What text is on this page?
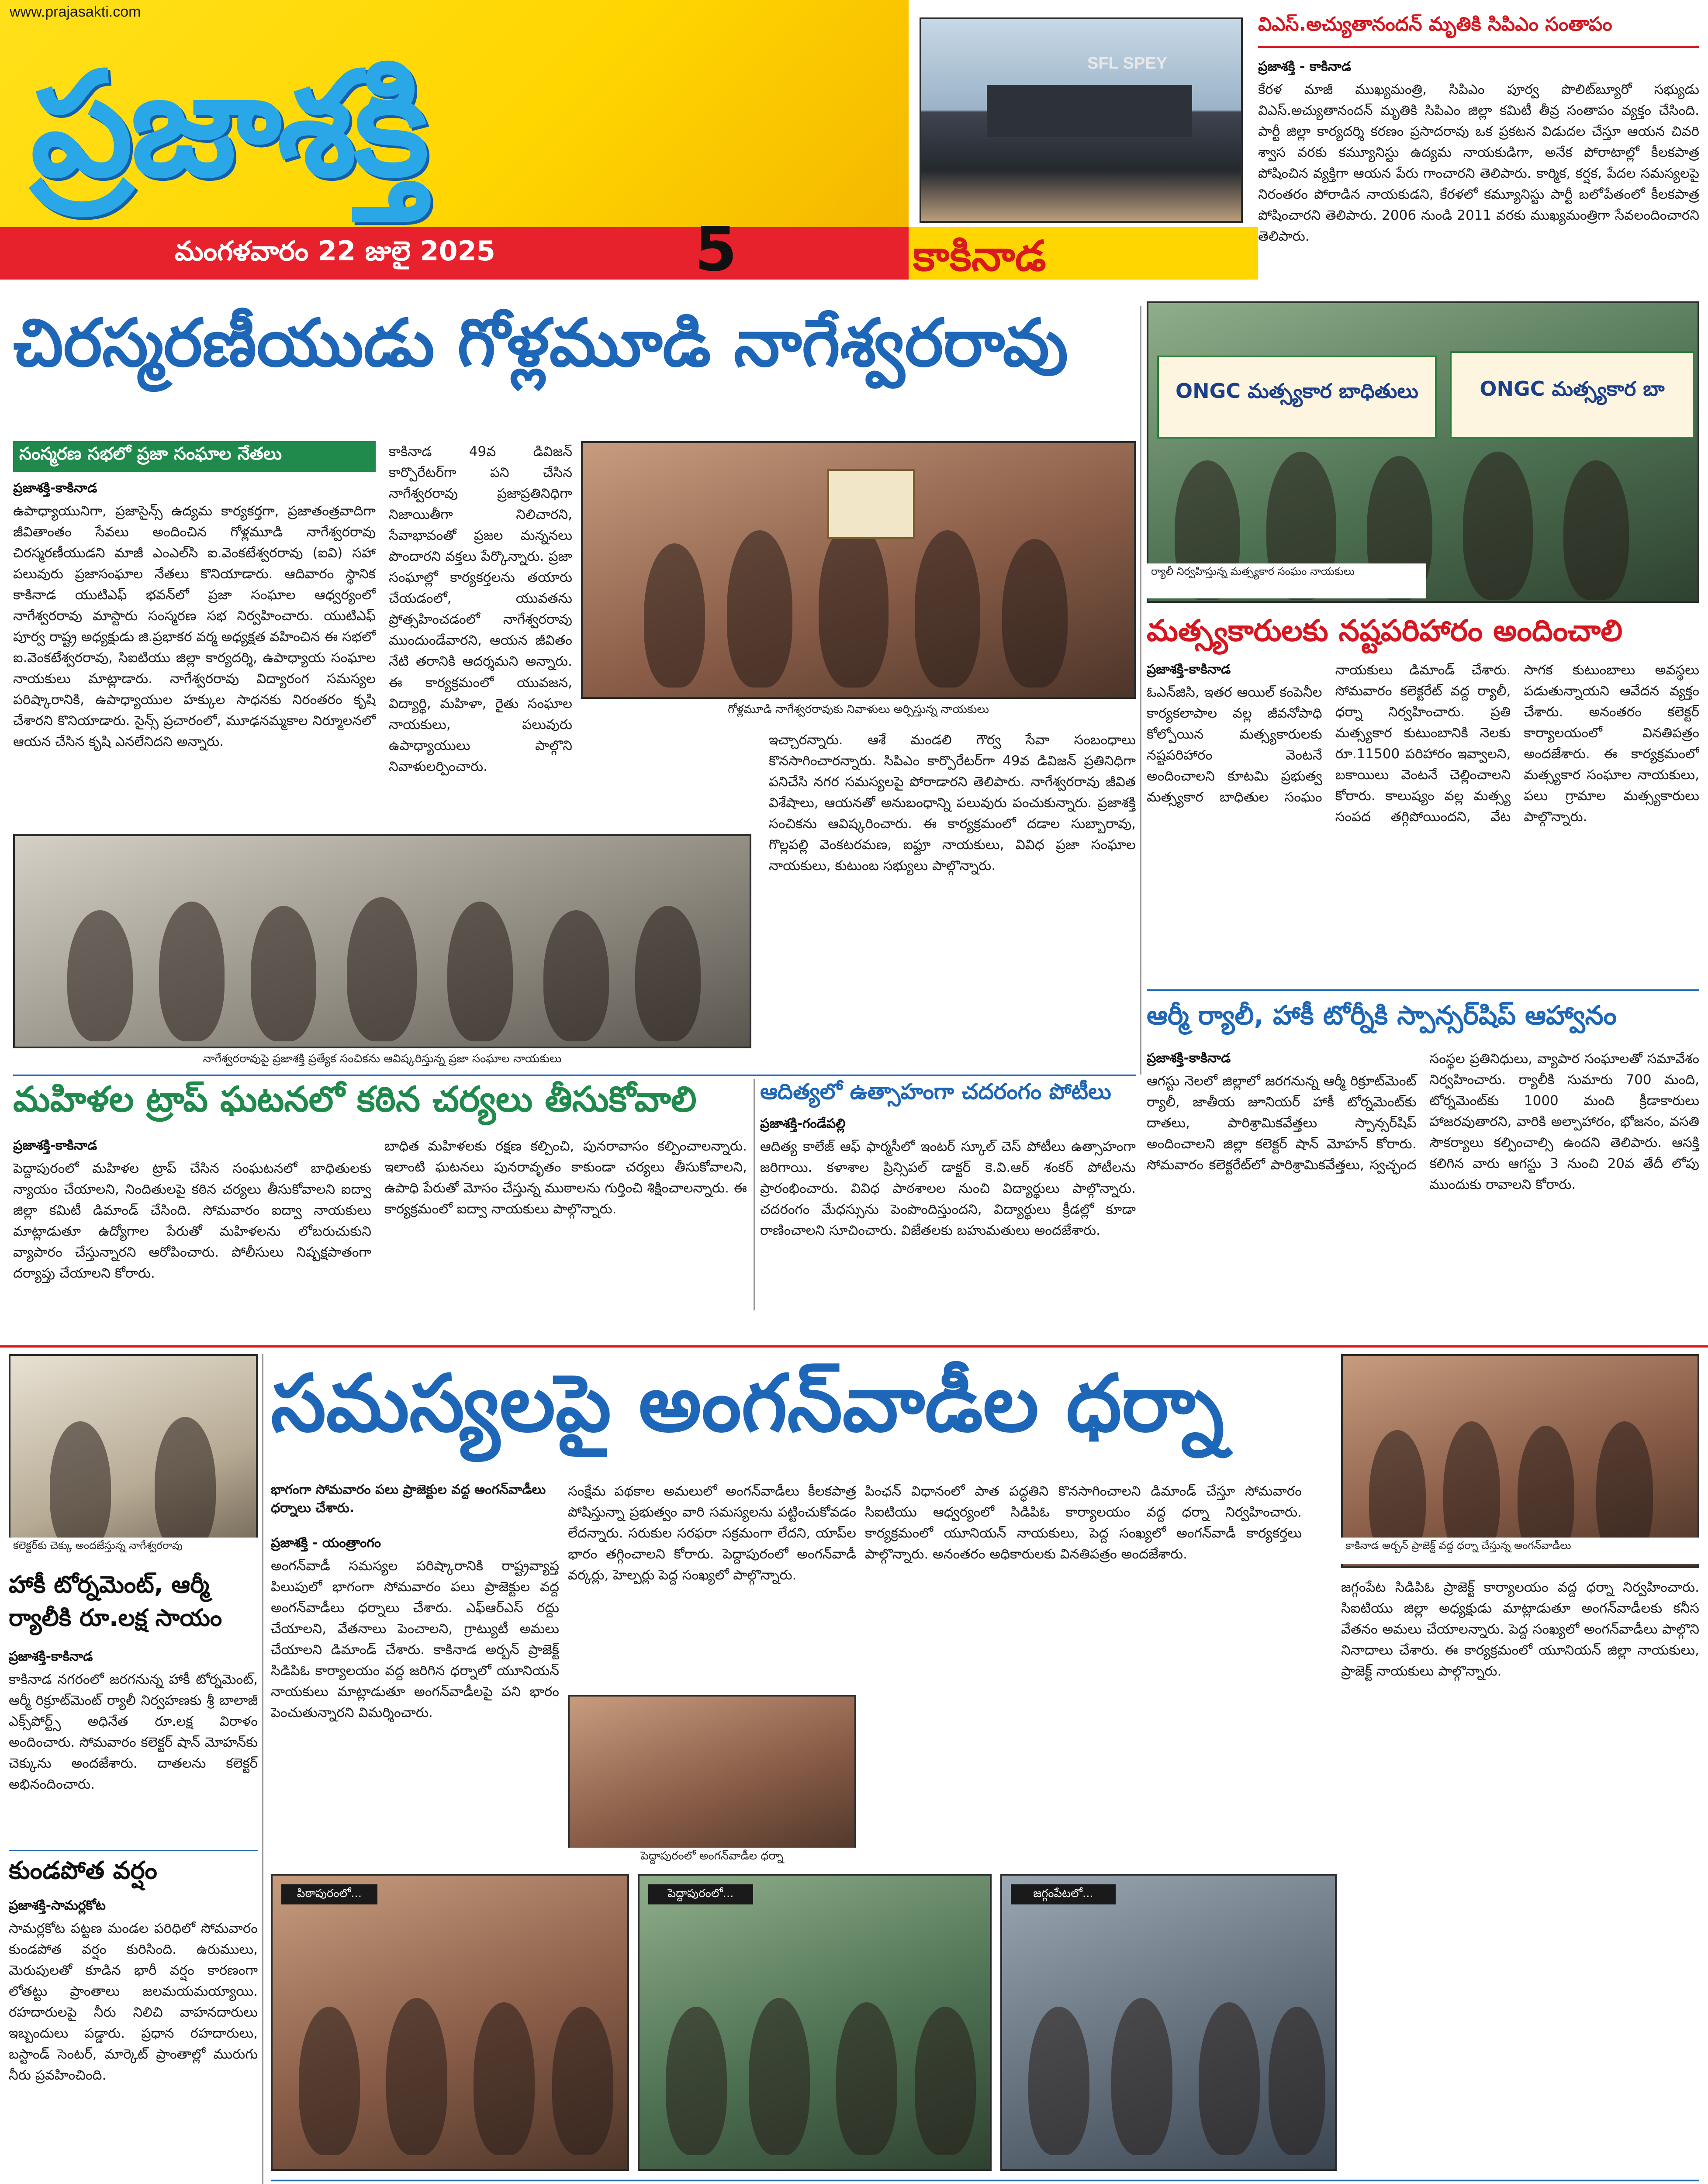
www.prajasakti.com
ప్రజాశక్తి
మంగళవారం 22 జులై 2025	5
SFL SPEY
కాకినాడ
విఎస్.అచ్యుతానందన్ మృతికి సిపిఎం సంతాపం
ప్రజాశక్తి - కాకినాడ
కేరళ మాజీ ముఖ్యమంత్రి, సిపిఎం పూర్వ పొలిట్‌బ్యూరో సభ్యుడు విఎస్.అచ్యుతానందన్ మృతికి సిపిఎం జిల్లా కమిటీ తీవ్ర సంతాపం వ్యక్తం చేసింది. పార్టీ జిల్లా కార్యదర్శి కరణం ప్రసాదరావు ఒక ప్రకటన విడుదల చేస్తూ ఆయన చివరి శ్వాస వరకు కమ్యూనిస్టు ఉద్యమ నాయకుడిగా, అనేక పోరాటాల్లో కీలకపాత్ర పోషించిన వ్యక్తిగా ఆయన పేరు గాంచారని తెలిపారు. కార్మిక, కర్షక, పేదల సమస్యలపై నిరంతరం పోరాడిన నాయకుడని, కేరళలో కమ్యూనిస్టు పార్టీ బలోపేతంలో కీలకపాత్ర పోషించారని తెలిపారు. 2006 నుండి 2011 వరకు ముఖ్యమంత్రిగా సేవలందించారని తెలిపారు.
చిరస్మరణీయుడు గోళ్లమూడి నాగేశ్వరరావు
సంస్మరణ సభలో ప్రజా సంఘాల నేతలు
ప్రజాశక్తి-కాకినాడ
ఉపాధ్యాయునిగా, ప్రజాసైన్స్ ఉద్యమ కార్యకర్తగా, ప్రజాతంత్రవాదిగా జీవితాంతం సేవలు అందించిన గోళ్లమూడి నాగేశ్వరరావు చిరస్మరణీయుడని మాజీ ఎంఎల్‌సి ఐ.వెంకటేశ్వరరావు (ఐవి) సహా పలువురు ప్రజాసంఘాల నేతలు కొనియాడారు. ఆదివారం స్థానిక కాకినాడ యుటిఎఫ్ భవన్‌లో ప్రజా సంఘాల ఆధ్వర్యంలో నాగేశ్వరరావు మాస్టారు సంస్మరణ సభ నిర్వహించారు. యుటిఎఫ్ పూర్వ రాష్ట్ర అధ్యక్షుడు జి.ప్రభాకర వర్మ అధ్యక్షత వహించిన ఈ సభలో ఐ.వెంకటేశ్వరరావు, సిఐటియు జిల్లా కార్యదర్శి, ఉపాధ్యాయ సంఘాల నాయకులు మాట్లాడారు. నాగేశ్వరరావు విద్యారంగ సమస్యల పరిష్కారానికి, ఉపాధ్యాయుల హక్కుల సాధనకు నిరంతరం కృషి చేశారని కొనియాడారు. సైన్స్ ప్రచారంలో, మూఢనమ్మకాల నిర్మూలనలో ఆయన చేసిన కృషి ఎనలేనిదని అన్నారు.
కాకినాడ 49వ డివిజన్ కార్పొరేటర్‌గా పని చేసిన నాగేశ్వరరావు ప్రజాప్రతినిధిగా నిజాయితీగా నిలిచారని, సేవాభావంతో ప్రజల మన్ననలు పొందారని వక్తలు పేర్కొన్నారు. ప్రజా సంఘాల్లో కార్యకర్తలను తయారు చేయడంలో, యువతను ప్రోత్సహించడంలో నాగేశ్వరరావు ముందుండేవారని, ఆయన జీవితం నేటి తరానికి ఆదర్శమని అన్నారు. ఈ కార్యక్రమంలో యువజన, విద్యార్థి, మహిళా, రైతు సంఘాల నాయకులు, పలువురు ఉపాధ్యాయులు పాల్గొని నివాళులర్పించారు.
గోళ్లమూడి నాగేశ్వరరావుకు నివాళులు అర్పిస్తున్న నాయకులు
ఇచ్చారన్నారు. ఆశే మండలి గౌర్వ సేవా సంబంధాలు కొనసాగించారన్నారు. సిపిఎం కార్పొరేటర్‌గా 49వ డివిజన్ ప్రతినిధిగా పనిచేసి నగర సమస్యలపై పోరాడారని తెలిపారు. నాగేశ్వరరావు జీవిత విశేషాలు, ఆయనతో అనుబంధాన్ని పలువురు పంచుకున్నారు. ప్రజాశక్తి సంచికను ఆవిష్కరించారు. ఈ కార్యక్రమంలో దడాల సుబ్బారావు, గొల్లపల్లి వెంకటరమణ, ఐఫ్టూ నాయకులు, వివిధ ప్రజా సంఘాల నాయకులు, కుటుంబ సభ్యులు పాల్గొన్నారు.
నాగేశ్వరరావుపై ప్రజాశక్తి ప్రత్యేక సంచికను ఆవిష్కరిస్తున్న ప్రజా సంఘాల నాయకులు
ONGC మత్స్యకార బాధితులు	ONGC మత్స్యకార బా
ర్యాలీ నిర్వహిస్తున్న మత్స్యకార సంఘం నాయకులు
మత్స్యకారులకు నష్టపరిహారం అందించాలి
ప్రజాశక్తి-కాకినాడ
ఓఎన్‌జిసి, ఇతర ఆయిల్ కంపెనీల కార్యకలాపాల వల్ల జీవనోపాధి కోల్పోయిన మత్స్యకారులకు నష్టపరిహారం వెంటనే అందించాలని కూటమి ప్రభుత్వ మత్స్యకార బాధితుల సంఘం నాయకులు డిమాండ్ చేశారు. సోమవారం కలెక్టరేట్ వద్ద ర్యాలీ, ధర్నా నిర్వహించారు. ప్రతి మత్స్యకార కుటుంబానికి నెలకు రూ.11500 పరిహారం ఇవ్వాలని, బకాయిలు వెంటనే చెల్లించాలని కోరారు. కాలుష్యం వల్ల మత్స్య సంపద తగ్గిపోయిందని, వేట సాగక కుటుంబాలు అవస్థలు పడుతున్నాయని ఆవేదన వ్యక్తం చేశారు. అనంతరం కలెక్టర్ కార్యాలయంలో వినతిపత్రం అందజేశారు. ఈ కార్యక్రమంలో మత్స్యకార సంఘాల నాయకులు, పలు గ్రామాల మత్స్యకారులు పాల్గొన్నారు.
ఆర్మీ ర్యాలీ, హాకీ టోర్నీకి స్పాన్సర్‌షిప్ ఆహ్వానం
ప్రజాశక్తి-కాకినాడ
ఆగస్టు నెలలో జిల్లాలో జరగనున్న ఆర్మీ రిక్రూట్‌మెంట్ ర్యాలీ, జాతీయ జూనియర్ హాకీ టోర్నమెంట్‌కు దాతలు, పారిశ్రామికవేత్తలు స్పాన్సర్‌షిప్ అందించాలని జిల్లా కలెక్టర్ షాన్ మోహన్ కోరారు. సోమవారం కలెక్టరేట్‌లో పారిశ్రామికవేత్తలు, స్వచ్ఛంద సంస్థల ప్రతినిధులు, వ్యాపార సంఘాలతో సమావేశం నిర్వహించారు. ర్యాలీకి సుమారు 700 మంది, టోర్నమెంట్‌కు 1000 మంది క్రీడాకారులు హాజరవుతారని, వారికి అల్పాహారం, భోజనం, వసతి సౌకర్యాలు కల్పించాల్సి ఉందని తెలిపారు. ఆసక్తి కలిగిన వారు ఆగస్టు 3 నుంచి 20వ తేదీ లోపు ముందుకు రావాలని కోరారు.
మహిళల ట్రాప్ ఘటనలో కఠిన చర్యలు తీసుకోవాలి
ప్రజాశక్తి-కాకినాడ
పెద్దాపురంలో మహిళల ట్రాప్ చేసిన సంఘటనలో బాధితులకు న్యాయం చేయాలని, నిందితులపై కఠిన చర్యలు తీసుకోవాలని ఐద్వా జిల్లా కమిటీ డిమాండ్ చేసింది. సోమవారం ఐద్వా నాయకులు మాట్లాడుతూ ఉద్యోగాల పేరుతో మహిళలను లోబరుచుకుని వ్యాపారం చేస్తున్నారని ఆరోపించారు. పోలీసులు నిష్పక్షపాతంగా దర్యాప్తు చేయాలని కోరారు.
బాధిత మహిళలకు రక్షణ కల్పించి, పునరావాసం కల్పించాలన్నారు. ఇలాంటి ఘటనలు పునరావృతం కాకుండా చర్యలు తీసుకోవాలని, ఉపాధి పేరుతో మోసం చేస్తున్న ముఠాలను గుర్తించి శిక్షించాలన్నారు. ఈ కార్యక్రమంలో ఐద్వా నాయకులు పాల్గొన్నారు.
ఆదిత్యలో ఉత్సాహంగా చదరంగం పోటీలు
ప్రజాశక్తి-గండేపల్లి
ఆదిత్య కాలేజ్ ఆఫ్ ఫార్మసీలో ఇంటర్ స్కూల్ చెస్ పోటీలు ఉత్సాహంగా జరిగాయి. కళాశాల ప్రిన్సిపల్ డాక్టర్ కె.వి.ఆర్ శంకర్ పోటీలను ప్రారంభించారు. వివిధ పాఠశాలల నుంచి విద్యార్థులు పాల్గొన్నారు. చదరంగం మేధస్సును పెంపొందిస్తుందని, విద్యార్థులు క్రీడల్లో కూడా రాణించాలని సూచించారు. విజేతలకు బహుమతులు అందజేశారు.
కలెక్టర్‌కు చెక్కు అందజేస్తున్న నాగేశ్వరరావు
హాకీ టోర్నమెంట్, ఆర్మీ ర్యాలీకి రూ.లక్ష సాయం
ప్రజాశక్తి-కాకినాడ
కాకినాడ నగరంలో జరగనున్న హాకీ టోర్నమెంట్, ఆర్మీ రిక్రూట్‌మెంట్ ర్యాలీ నిర్వహణకు శ్రీ బాలాజీ ఎక్స్‌పోర్ట్స్ అధినేత రూ.లక్ష విరాళం అందించారు. సోమవారం కలెక్టర్ షాన్ మోహన్‌కు చెక్కును అందజేశారు. దాతలను కలెక్టర్ అభినందించారు.
కుండపోత వర్షం
ప్రజాశక్తి-సామర్లకోట
సామర్లకోట పట్టణ మండల పరిధిలో సోమవారం కుండపోత వర్షం కురిసింది. ఉరుములు, మెరుపులతో కూడిన భారీ వర్షం కారణంగా లోతట్టు ప్రాంతాలు జలమయమయ్యాయి. రహదారులపై నీరు నిలిచి వాహనదారులు ఇబ్బందులు పడ్డారు. ప్రధాన రహదారులు, బస్టాండ్ సెంటర్, మార్కెట్ ప్రాంతాల్లో మురుగు నీరు ప్రవహించింది.
సమస్యలపై అంగన్‌వాడీల ధర్నా
భాగంగా సోమవారం పలు ప్రాజెక్టుల వద్ద అంగన్‌వాడీలు ధర్నాలు చేశారు.
ప్రజాశక్తి - యంత్రాంగం
అంగన్‌వాడీ సమస్యల పరిష్కారానికి రాష్ట్రవ్యాప్త పిలుపులో భాగంగా సోమవారం పలు ప్రాజెక్టుల వద్ద అంగన్‌వాడీలు ధర్నాలు చేశారు. ఎఫ్ఆర్ఎస్ రద్దు చేయాలని, వేతనాలు పెంచాలని, గ్రాట్యుటీ అమలు చేయాలని డిమాండ్ చేశారు. కాకినాడ అర్బన్ ప్రాజెక్ట్ సిడిపిఓ కార్యాలయం వద్ద జరిగిన ధర్నాలో యూనియన్ నాయకులు మాట్లాడుతూ అంగన్‌వాడీలపై పని భారం పెంచుతున్నారని విమర్శించారు.
సంక్షేమ పథకాల అమలులో అంగన్‌వాడీలు కీలకపాత్ర పోషిస్తున్నా ప్రభుత్వం వారి సమస్యలను పట్టించుకోవడం లేదన్నారు. సరుకుల సరఫరా సక్రమంగా లేదని, యాప్‌ల భారం తగ్గించాలని కోరారు. పెద్దాపురంలో అంగన్‌వాడీ వర్కర్లు, హెల్పర్లు పెద్ద సంఖ్యలో పాల్గొన్నారు.
పింఛన్ విధానంలో పాత పద్ధతిని కొనసాగించాలని డిమాండ్ చేస్తూ సోమవారం సిఐటియు ఆధ్వర్యంలో సిడిపిఓ కార్యాలయం వద్ద ధర్నా నిర్వహించారు. కార్యక్రమంలో యూనియన్ నాయకులు, పెద్ద సంఖ్యలో అంగన్‌వాడీ కార్యకర్తలు పాల్గొన్నారు. అనంతరం అధికారులకు వినతిపత్రం అందజేశారు.
కాకినాడ అర్బన్ ప్రాజెక్ట్ వద్ద ధర్నా చేస్తున్న అంగన్‌వాడీలు
జగ్గంపేట సిడిపిఓ ప్రాజెక్ట్ కార్యాలయం వద్ద ధర్నా నిర్వహించారు. సిఐటియు జిల్లా అధ్యక్షుడు మాట్లాడుతూ అంగన్‌వాడీలకు కనీస వేతనం అమలు చేయాలన్నారు. పెద్ద సంఖ్యలో అంగన్‌వాడీలు పాల్గొని నినాదాలు చేశారు. ఈ కార్యక్రమంలో యూనియన్ జిల్లా నాయకులు, ప్రాజెక్ట్ నాయకులు పాల్గొన్నారు.
పెద్దాపురంలో అంగన్‌వాడీల ధర్నా
పిఠాపురంలో...	పెద్దాపురంలో...	జగ్గంపేటలో...
